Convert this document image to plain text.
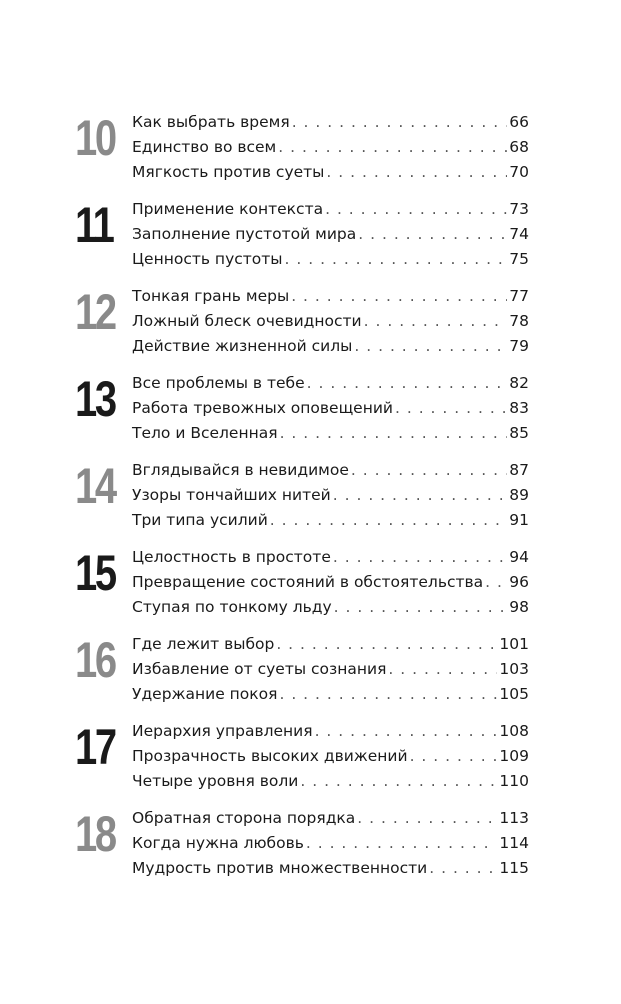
10 Как выбрать время . . .	66
Единство во всем . . .	68
Мягкость против суеты . . .	70
11	Применение контекста . . .	73
Заполнение пустотой мира . . .	74
Ценность пустоты . . .	75
12 Тонкая грань меры . . .	77
Ложный блеск очевидности . . .	78
Действие жизненной силы . . .	79
13 Все проблемы в тебе . . .	82
Работа тревожных оповещений . . .	83
Тело и Вселенная . . .	85
14 Вглядывайся в невидимое . . .	87
Узоры тончайших нитей . . .	89
Три типа усилий . . .	91
15 Целостность в простоте . . .	94
Превращение состояний в обстоятельства . . . 96
Ступая по тонкому льду . . .	98
16 Где лежит выбор . . .	101
Избавление от суеты сознания . . .	103
Удержание покоя . . .	105
17 Иерархия управления . . .	108
Прозрачность высоких движений . . .	109
Четыре уровня воли . . .	110
18 Обратная сторона порядка . . .	113
Когда нужна любовь . . .	114
Мудрость против множественности . . .	115
